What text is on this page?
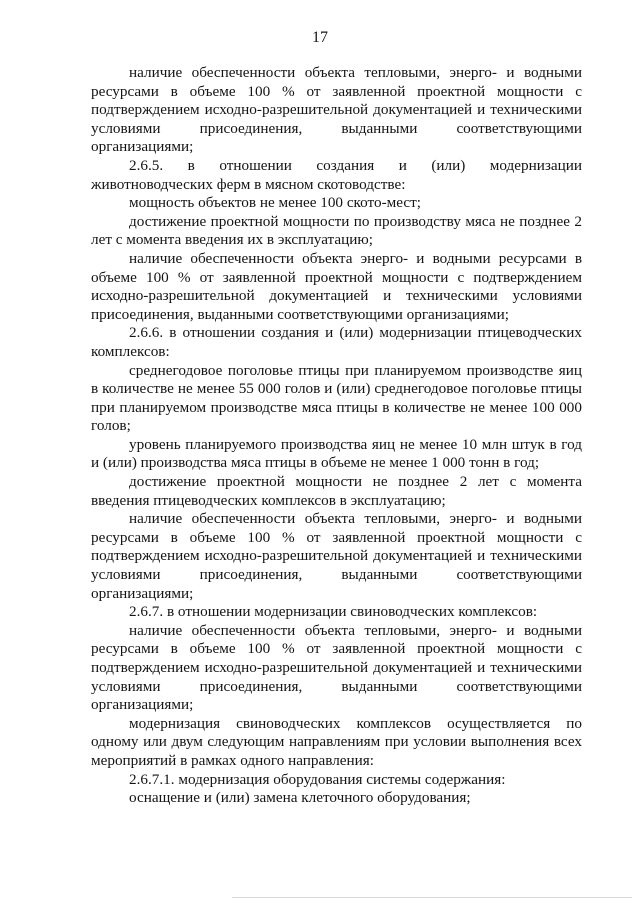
17

наличие обеспеченности объекта тепловыми, энерго- и водными ресурсами в объеме 100 % от заявленной проектной мощности с подтверждением исходно-разрешительной документацией и техническими условиями присоединения, выданными соответствующими организациями;

2.6.5. в отношении создания и (или) модернизации животноводческих ферм в мясном скотоводстве:

мощность объектов не менее 100 ското-мест;

достижение проектной мощности по производству мяса не позднее 2 лет с момента введения их в эксплуатацию;

наличие обеспеченности объекта энерго- и водными ресурсами в объеме 100 % от заявленной проектной мощности с подтверждением исходно-разрешительной документацией и техническими условиями присоединения, выданными соответствующими организациями;

2.6.6. в отношении создания и (или) модернизации птицеводческих комплексов:

среднегодовое поголовье птицы при планируемом производстве яиц в количестве не менее 55 000 голов и (или) среднегодовое поголовье птицы при планируемом производстве мяса птицы в количестве не менее 100 000 голов;

уровень планируемого производства яиц не менее 10 млн штук в год и (или) производства мяса птицы в объеме не менее 1 000 тонн в год;

достижение проектной мощности не позднее 2 лет с момента введения птицеводческих комплексов в эксплуатацию;

наличие обеспеченности объекта тепловыми, энерго- и водными ресурсами в объеме 100 % от заявленной проектной мощности с подтверждением исходно-разрешительной документацией и техническими условиями присоединения, выданными соответствующими организациями;

2.6.7. в отношении модернизации свиноводческих комплексов:

наличие обеспеченности объекта тепловыми, энерго- и водными ресурсами в объеме 100 % от заявленной проектной мощности с подтверждением исходно-разрешительной документацией и техническими условиями присоединения, выданными соответствующими организациями;

модернизация свиноводческих комплексов осуществляется по одному или двум следующим направлениям при условии выполнения всех мероприятий в рамках одного направления:

2.6.7.1. модернизация оборудования системы содержания:

оснащение и (или) замена клеточного оборудования;
